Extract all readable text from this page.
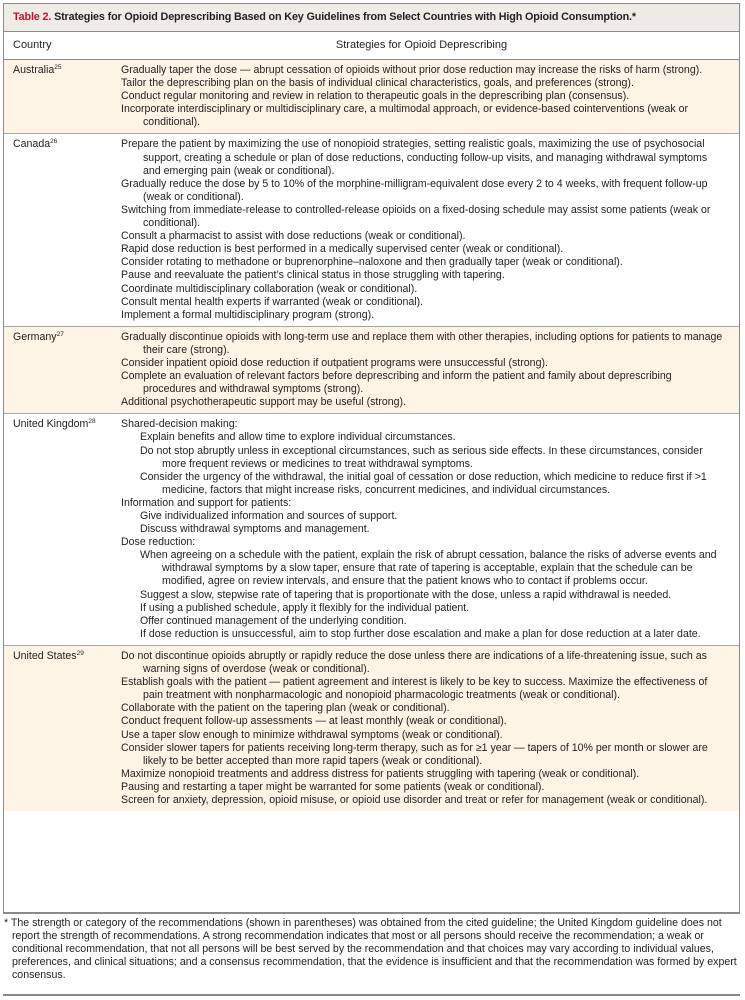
Table 2. Strategies for Opioid Deprescribing Based on Key Guidelines from Select Countries with High Opioid Consumption.*
Country	Strategies for Opioid Deprescribing
Australia$^{25}$	Gradually taper the dose — abrupt cessation of opioids without prior dose reduction may increase the risks of harm (strong).
Tailor the deprescribing plan on the basis of individual clinical characteristics, goals, and preferences (strong).
Conduct regular monitoring and review in relation to therapeutic goals in the deprescribing plan (consensus).
Incorporate interdisciplinary or multidisciplinary care, a multimodal approach, or evidence-based cointerventions (weak or conditional).
Canada$^{26}$	Prepare the patient by maximizing the use of nonopioid strategies, setting realistic goals, maximizing the use of psychosocial support, creating a schedule or plan of dose reductions, conducting follow-up visits, and managing withdrawal symptoms and emerging pain (weak or conditional).
Gradually reduce the dose by 5 to 10% of the morphine-milligram-equivalent dose every 2 to 4 weeks, with frequent follow-up (weak or conditional).
Switching from immediate-release to controlled-release opioids on a fixed-dosing schedule may assist some patients (weak or conditional).
Consult a pharmacist to assist with dose reductions (weak or conditional).
Rapid dose reduction is best performed in a medically supervised center (weak or conditional).
Consider rotating to methadone or buprenorphine–naloxone and then gradually taper (weak or conditional).
Pause and reevaluate the patient’s clinical status in those struggling with tapering.
Coordinate multidisciplinary collaboration (weak or conditional).
Consult mental health experts if warranted (weak or conditional).
Implement a formal multidisciplinary program (strong).
Germany$^{27}$	Gradually discontinue opioids with long-term use and replace them with other therapies, including options for patients to manage their care (strong).
Consider inpatient opioid dose reduction if outpatient programs were unsuccessful (strong).
Complete an evaluation of relevant factors before deprescribing and inform the patient and family about deprescribing procedures and withdrawal symptoms (strong).
Additional psychotherapeutic support may be useful (strong).
United Kingdom$^{28}$	Shared-decision making:
Explain benefits and allow time to explore individual circumstances.
Do not stop abruptly unless in exceptional circumstances, such as serious side effects. In these circumstances, consider more frequent reviews or medicines to treat withdrawal symptoms.
Consider the urgency of the withdrawal, the initial goal of cessation or dose reduction, which medicine to reduce first if >1 medicine, factors that might increase risks, concurrent medicines, and individual circumstances.
Information and support for patients:
Give individualized information and sources of support.
Discuss withdrawal symptoms and management.
Dose reduction:
When agreeing on a schedule with the patient, explain the risk of abrupt cessation, balance the risks of adverse events and withdrawal symptoms by a slow taper, ensure that rate of tapering is acceptable, explain that the schedule can be modified, agree on review intervals, and ensure that the patient knows who to contact if problems occur.
Suggest a slow, stepwise rate of tapering that is proportionate with the dose, unless a rapid withdrawal is needed.
If using a published schedule, apply it flexibly for the individual patient.
Offer continued management of the underlying condition.
If dose reduction is unsuccessful, aim to stop further dose escalation and make a plan for dose reduction at a later date.
United States$^{29}$	Do not discontinue opioids abruptly or rapidly reduce the dose unless there are indications of a life-threatening issue, such as warning signs of overdose (weak or conditional).
Establish goals with the patient — patient agreement and interest is likely to be key to success. Maximize the effectiveness of pain treatment with nonpharmacologic and nonopioid pharmacologic treatments (weak or conditional).
Collaborate with the patient on the tapering plan (weak or conditional).
Conduct frequent follow-up assessments — at least monthly (weak or conditional).
Use a taper slow enough to minimize withdrawal symptoms (weak or conditional).
Consider slower tapers for patients receiving long-term therapy, such as for ≥1 year — tapers of 10% per month or slower are likely to be better accepted than more rapid tapers (weak or conditional).
Maximize nonopioid treatments and address distress for patients struggling with tapering (weak or conditional).
Pausing and restarting a taper might be warranted for some patients (weak or conditional).
Screen for anxiety, depression, opioid misuse, or opioid use disorder and treat or refer for management (weak or conditional).
* The strength or category of the recommendations (shown in parentheses) was obtained from the cited guideline; the United Kingdom guideline does not report the strength of recommendations. A strong recommendation indicates that most or all persons should receive the recommendation; a weak or conditional recommendation, that not all persons will be best served by the recommendation and that choices may vary according to individual values, preferences, and clinical situations; and a consensus recommendation, that the evidence is insufficient and that the recommendation was formed by expert consensus.
